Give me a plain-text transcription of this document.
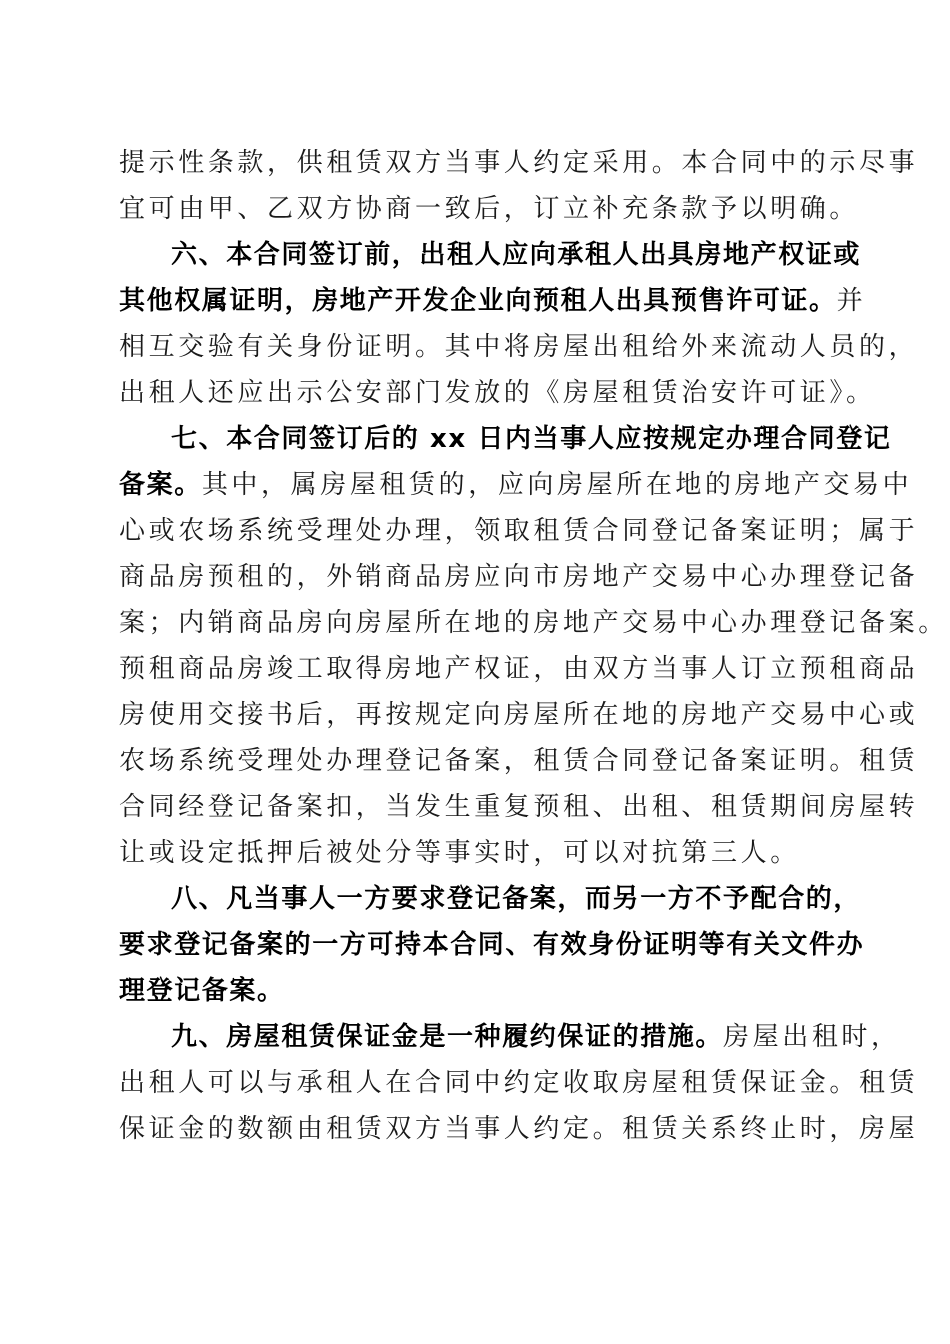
提示性条款，供租赁双方当事人约定采用。本合同中的示尽事
宜可由甲、乙双方协商一致后，订立补充条款予以明确。
六、本合同签订前，出租人应向承租人出具房地产权证或
其他权属证明，房地产开发企业向预租人出具预售许可证。并
相互交验有关身份证明。其中将房屋出租给外来流动人员的，
出租人还应出示公安部门发放的《房屋租赁治安许可证》。
七、本合同签订后的 xx 日内当事人应按规定办理合同登记
备案。其中，属房屋租赁的，应向房屋所在地的房地产交易中
心或农场系统受理处办理，领取租赁合同登记备案证明；属于
商品房预租的，外销商品房应向市房地产交易中心办理登记备
案；内销商品房向房屋所在地的房地产交易中心办理登记备案。
预租商品房竣工取得房地产权证，由双方当事人订立预租商品
房使用交接书后，再按规定向房屋所在地的房地产交易中心或
农场系统受理处办理登记备案，租赁合同登记备案证明。租赁
合同经登记备案扣，当发生重复预租、出租、租赁期间房屋转
让或设定抵押后被处分等事实时，可以对抗第三人。
八、凡当事人一方要求登记备案，而另一方不予配合的，
要求登记备案的一方可持本合同、有效身份证明等有关文件办
理登记备案。
九、房屋租赁保证金是一种履约保证的措施。房屋出租时，
出租人可以与承租人在合同中约定收取房屋租赁保证金。租赁
保证金的数额由租赁双方当事人约定。租赁关系终止时，房屋
